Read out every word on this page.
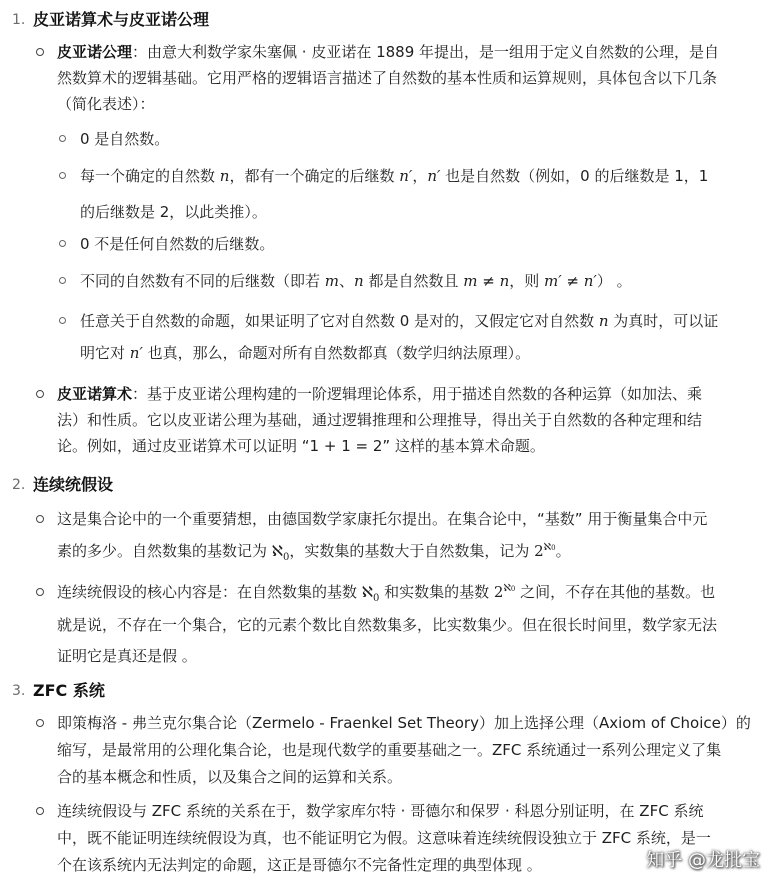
1. 皮亚诺算术与皮亚诺公理
皮亚诺公理：由意大利数学家朱塞佩 · 皮亚诺在 1889 年提出，是一组用于定义自然数的公理，是自
然数算术的逻辑基础。它用严格的逻辑语言描述了自然数的基本性质和运算规则，具体包含以下几条
（简化表述）：
0 是自然数。
每一个确定的自然数 n，都有一个确定的后继数 n′，n′ 也是自然数（例如，0 的后继数是 1，1
的后继数是 2，以此类推）。
0 不是任何自然数的后继数。
不同的自然数有不同的后继数（即若 m、n 都是自然数且 m ≠ n，则 m′ ≠ n′） 。
任意关于自然数的命题，如果证明了它对自然数 0 是对的，又假定它对自然数 n 为真时，可以证
明它对 n′ 也真，那么，命题对所有自然数都真（数学归纳法原理）。
皮亚诺算术：基于皮亚诺公理构建的一阶逻辑理论体系，用于描述自然数的各种运算（如加法、乘
法）和性质。它以皮亚诺公理为基础，通过逻辑推理和公理推导，得出关于自然数的各种定理和结
论。例如，通过皮亚诺算术可以证明 “1 + 1 = 2” 这样的基本算术命题。
2. 连续统假设
这是集合论中的一个重要猜想，由德国数学家康托尔提出。在集合论中，“基数” 用于衡量集合中元
素的多少。自然数集的基数记为 ℵ$_0$，实数集的基数大于自然数集，记为 $2^{ℵ0}$。
连续统假设的核心内容是：在自然数集的基数 ℵ$_0$ 和实数集的基数 $2^{ℵ0}$ 之间，不存在其他的基数。也
就是说，不存在一个集合，它的元素个数比自然数集多，比实数集少。但在很长时间里，数学家无法
证明它是真还是假 。
3. ZFC 系统
即策梅洛 - 弗兰克尔集合论（Zermelo - Fraenkel Set Theory）加上选择公理（Axiom of Choice）的
缩写，是最常用的公理化集合论，也是现代数学的重要基础之一。ZFC 系统通过一系列公理定义了集
合的基本概念和性质，以及集合之间的运算和关系。
连续统假设与 ZFC 系统的关系在于，数学家库尔特 · 哥德尔和保罗 · 科恩分别证明，在 ZFC 系统
中，既不能证明连续统假设为真，也不能证明它为假。这意味着连续统假设独立于 ZFC 系统，是一
个在该系统内无法判定的命题，这正是哥德尔不完备性定理的典型体现 。	知乎 @龙批宝
